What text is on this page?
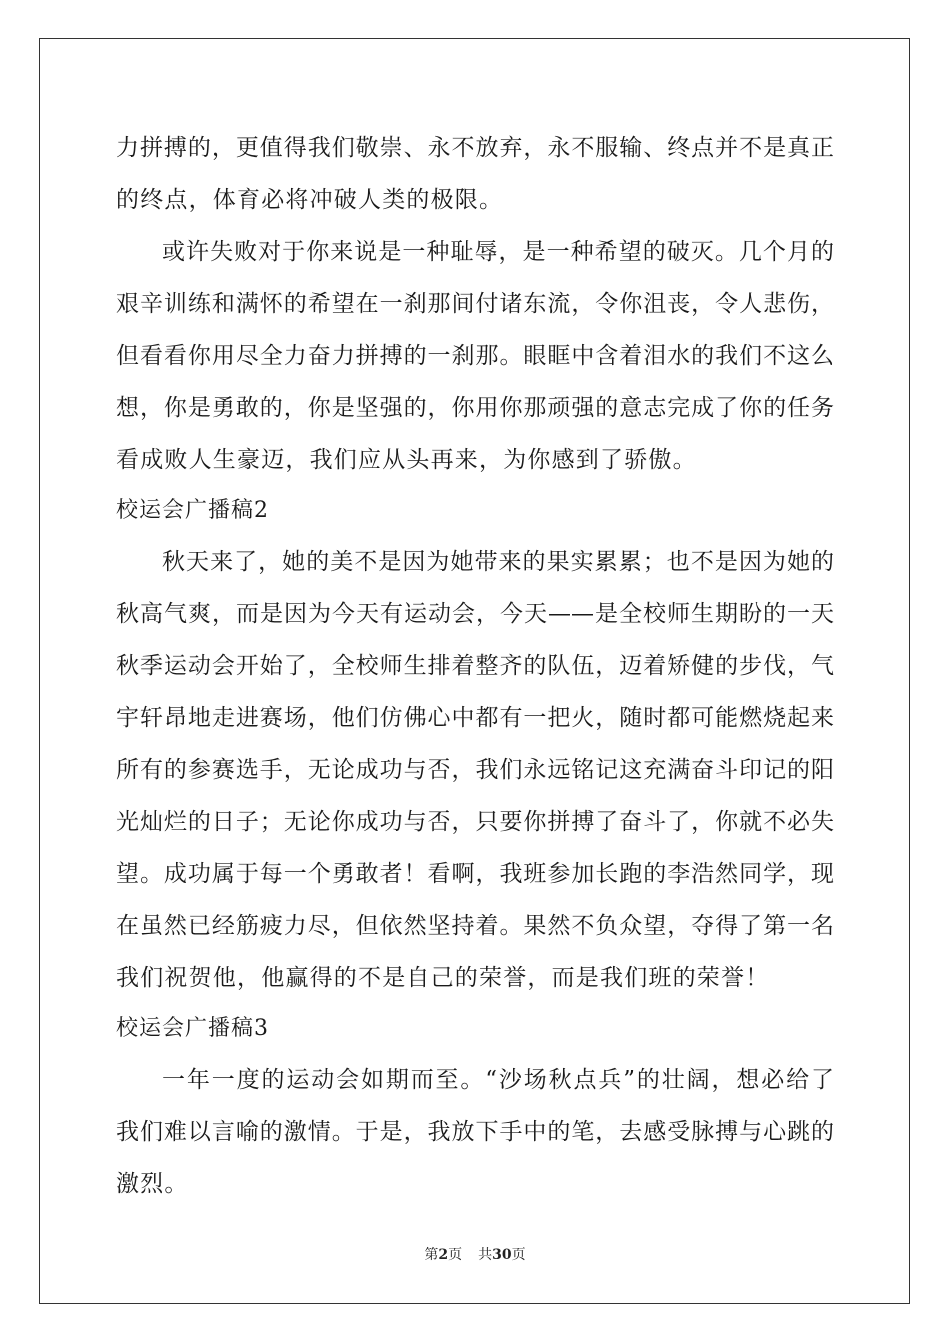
力拼搏的，更值得我们敬崇、永不放弃，永不服输、终点并不是真正
的终点，体育必将冲破人类的极限。
或许失败对于你来说是一种耻辱，是一种希望的破灭。几个月的
艰辛训练和满怀的希望在一刹那间付诸东流，令你沮丧，令人悲伤，
但看看你用尽全力奋力拼搏的一刹那。眼眶中含着泪水的我们不这么
想，你是勇敢的，你是坚强的，你用你那顽强的意志完成了你的任务
看成败人生豪迈，我们应从头再来，为你感到了骄傲。
校运会广播稿2
秋天来了，她的美不是因为她带来的果实累累；也不是因为她的
秋高气爽，而是因为今天有运动会，今天——是全校师生期盼的一天
秋季运动会开始了，全校师生排着整齐的队伍，迈着矫健的步伐，气
宇轩昂地走进赛场，他们仿佛心中都有一把火，随时都可能燃烧起来
所有的参赛选手，无论成功与否，我们永远铭记这充满奋斗印记的阳
光灿烂的日子；无论你成功与否，只要你拼搏了奋斗了，你就不必失
望。成功属于每一个勇敢者！看啊，我班参加长跑的李浩然同学，现
在虽然已经筋疲力尽，但依然坚持着。果然不负众望，夺得了第一名
我们祝贺他，他赢得的不是自己的荣誉，而是我们班的荣誉！
校运会广播稿3
一年一度的运动会如期而至。“沙场秋点兵”的壮阔，想必给了
我们难以言喻的激情。于是，我放下手中的笔，去感受脉搏与心跳的
激烈。
第2页 共30页
